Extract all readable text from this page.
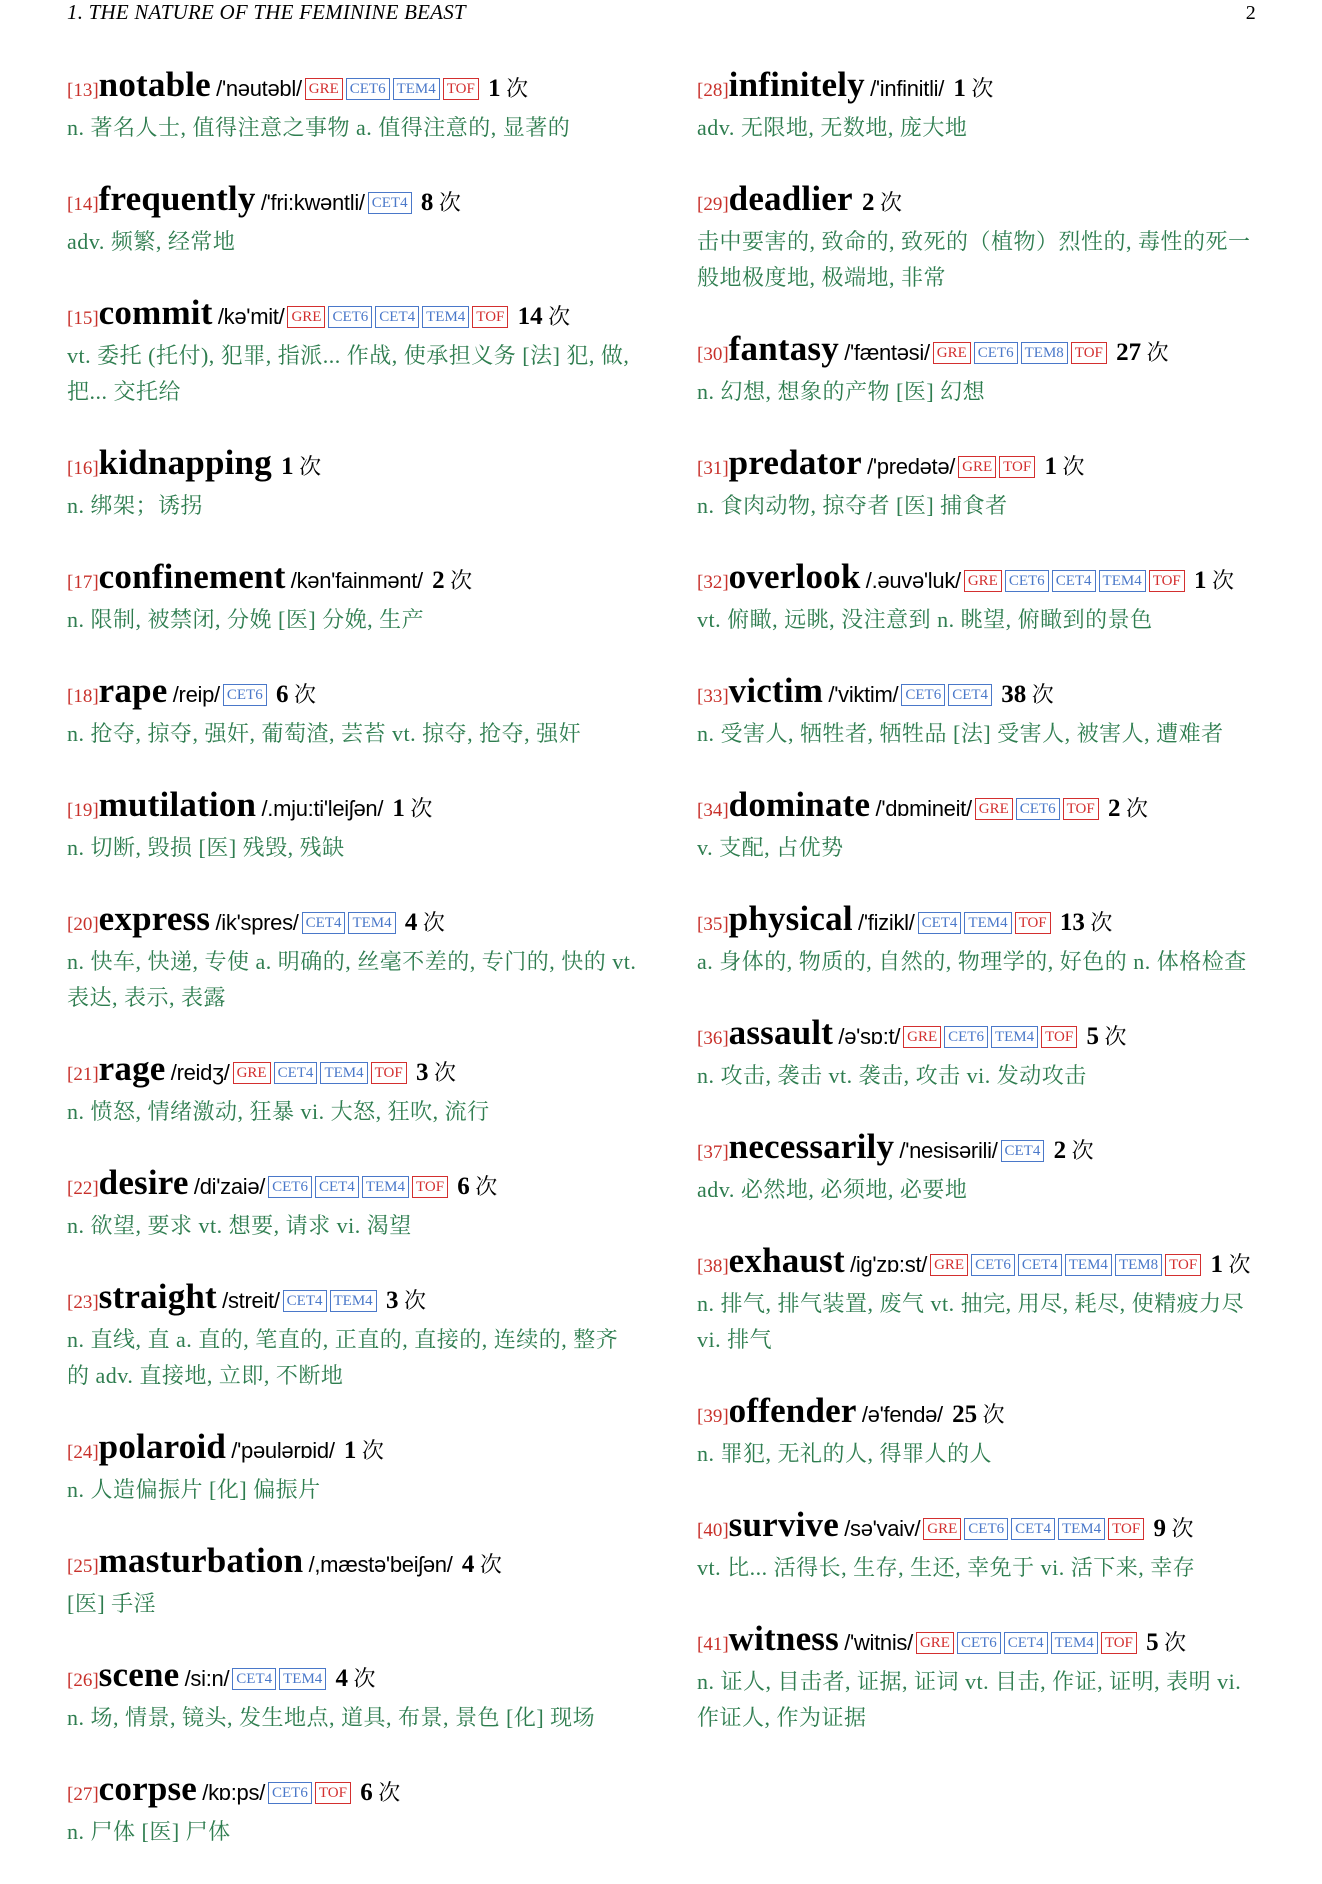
1. THE NATURE OF THE FEMININE BEAST	2
[13]notable /'nəutəbl/ GRE CET6 TEM4 TOF 1 次
n. 著名人士, 值得注意之事物 a. 值得注意的, 显著的
[14]frequently /'fri:kwəntli/ CET4 8 次
adv. 频繁, 经常地
[15]commit /kə'mit/ GRE CET6 CET4 TEM4 TOF 14 次
vt. 委托 (托付), 犯罪, 指派... 作战, 使承担义务 [法] 犯, 做, 把... 交托给
[16]kidnapping 1 次
n. 绑架；诱拐
[17]confinement /kən'fainmənt/ 2 次
n. 限制, 被禁闭, 分娩 [医] 分娩, 生产
[18]rape /reip/ CET6 6 次
n. 抢夺, 掠夺, 强奸, 葡萄渣, 芸苔 vt. 掠夺, 抢夺, 强奸
[19]mutilation /.mju:ti'leiʃən/ 1 次
n. 切断, 毁损 [医] 残毁, 残缺
[20]express /ik'spres/ CET4 TEM4 4 次
n. 快车, 快递, 专使 a. 明确的, 丝毫不差的, 专门的, 快的 vt. 表达, 表示, 表露
[21]rage /reidʒ/ GRE CET4 TEM4 TOF 3 次
n. 愤怒, 情绪激动, 狂暴 vi. 大怒, 狂吹, 流行
[22]desire /di'zaiə/ CET6 CET4 TEM4 TOF 6 次
n. 欲望, 要求 vt. 想要, 请求 vi. 渴望
[23]straight /streit/ CET4 TEM4 3 次
n. 直线, 直 a. 直的, 笔直的, 正直的, 直接的, 连续的, 整齐的 adv. 直接地, 立即, 不断地
[24]polaroid /'pəulərɒid/ 1 次
n. 人造偏振片 [化] 偏振片
[25]masturbation /,mæstə'beiʃən/ 4 次
[医] 手淫
[26]scene /si:n/ CET4 TEM4 4 次
n. 场, 情景, 镜头, 发生地点, 道具, 布景, 景色 [化] 现场
[27]corpse /kɒ:ps/ CET6 TOF 6 次
n. 尸体 [医] 尸体
[28]infinitely /'infinitli/ 1 次
adv. 无限地, 无数地, 庞大地
[29]deadlier 2 次
击中要害的, 致命的, 致死的（植物）烈性的, 毒性的死一般地极度地, 极端地, 非常
[30]fantasy /'fæntəsi/ GRE CET6 TEM8 TOF 27 次
n. 幻想, 想象的产物 [医] 幻想
[31]predator /'predətə/ GRE TOF 1 次
n. 食肉动物, 掠夺者 [医] 捕食者
[32]overlook /.əuvə'luk/ GRE CET6 CET4 TEM4 TOF 1 次
vt. 俯瞰, 远眺, 没注意到 n. 眺望, 俯瞰到的景色
[33]victim /'viktim/ CET6 CET4 38 次
n. 受害人, 牺牲者, 牺牲品 [法] 受害人, 被害人, 遭难者
[34]dominate /'dɒmineit/ GRE CET6 TOF 2 次
v. 支配, 占优势
[35]physical /'fizikl/ CET4 TEM4 TOF 13 次
a. 身体的, 物质的, 自然的, 物理学的, 好色的 n. 体格检查
[36]assault /ə'sɒ:t/ GRE CET6 TEM4 TOF 5 次
n. 攻击, 袭击 vt. 袭击, 攻击 vi. 发动攻击
[37]necessarily /'nesisərili/ CET4 2 次
adv. 必然地, 必须地, 必要地
[38]exhaust /ig'zɒ:st/ GRE CET6 CET4 TEM4 TEM8 TOF 1 次
n. 排气, 排气装置, 废气 vt. 抽完, 用尽, 耗尽, 使精疲力尽 vi. 排气
[39]offender /ə'fendə/ 25 次
n. 罪犯, 无礼的人, 得罪人的人
[40]survive /sə'vaiv/ GRE CET6 CET4 TEM4 TOF 9 次
vt. 比... 活得长, 生存, 生还, 幸免于 vi. 活下来, 幸存
[41]witness /'witnis/ GRE CET6 CET4 TEM4 TOF 5 次
n. 证人, 目击者, 证据, 证词 vt. 目击, 作证, 证明, 表明 vi. 作证人, 作为证据
